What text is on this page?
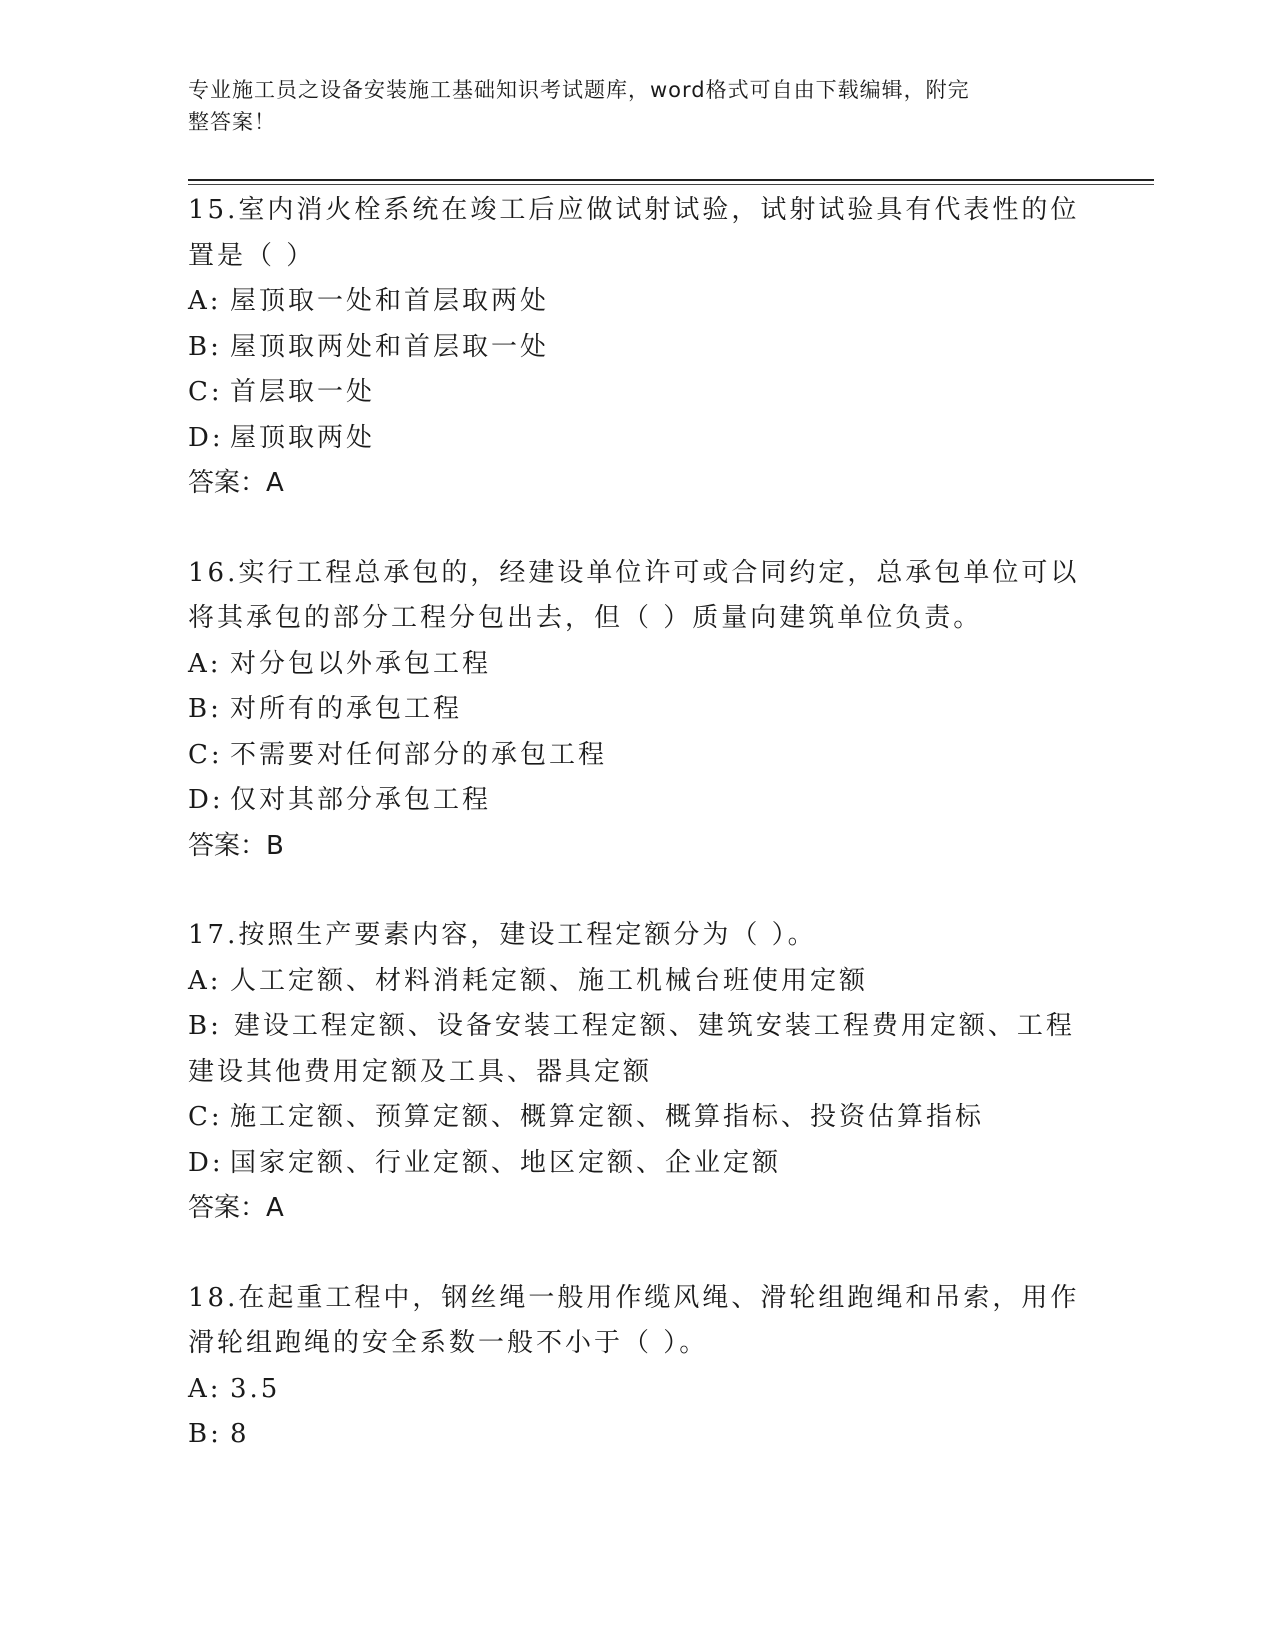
专业施工员之设备安装施工基础知识考试题库，word格式可自由下载编辑，附完
整答案！

15.室内消火栓系统在竣工后应做试射试验，试射试验具有代表性的位

置是（ ）

A: 屋顶取一处和首层取两处
B: 屋顶取两处和首层取一处
C: 首层取一处
D: 屋顶取两处

答案：A

16.实行工程总承包的，经建设单位许可或合同约定，总承包单位可以

将其承包的部分工程分包出去，但（ ）质量向建筑单位负责。

A: 对分包以外承包工程
B: 对所有的承包工程
C: 不需要对任何部分的承包工程
D: 仅对其部分承包工程

答案：B

17.按照生产要素内容，建设工程定额分为（ ）。

A: 人工定额、材料消耗定额、施工机械台班使用定额
B: 建设工程定额、设备安装工程定额、建筑安装工程费用定额、工程
建设其他费用定额及工具、器具定额
C: 施工定额、预算定额、概算定额、概算指标、投资估算指标
D: 国家定额、行业定额、地区定额、企业定额

答案：A

18.在起重工程中，钢丝绳一般用作缆风绳、滑轮组跑绳和吊索，用作

滑轮组跑绳的安全系数一般不小于（ ）。

A: 3.5
B: 8
